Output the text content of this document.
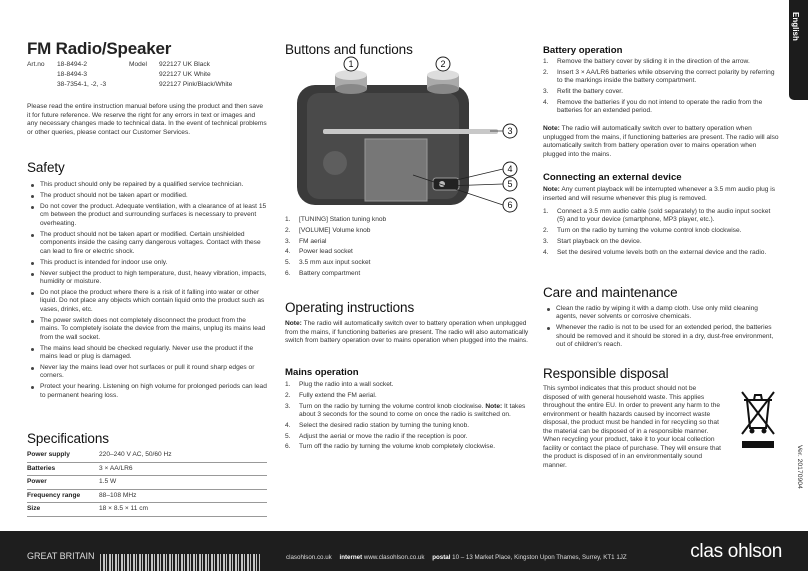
English
FM Radio/Speaker
Art.no	18-8494-2	Model	922127 UK Black
	18-8494-3		922127 UK White
	38-7354-1, -2, -3		922127 Pink/Black/White
Please read the entire instruction manual before using the product and then save it for future reference. We reserve the right for any errors in text or images and any necessary changes made to technical data. In the event of technical problems or other queries, please contact our Customer Services.
Safety
This product should only be repaired by a qualified service technician.
The product should not be taken apart or modified.
Do not cover the product. Adequate ventilation, with a clearance of at least 15 cm between the product and surrounding surfaces is necessary to prevent overheating.
The product should not be taken apart or modified. Certain unshielded components inside the casing carry dangerous voltages. Contact with these can lead to fire or electric shock.
This product is intended for indoor use only.
Never subject the product to high temperature, dust, heavy vibration, impacts, humidity or moisture.
Do not place the product where there is a risk of it falling into water or other liquid. Do not place any objects which contain liquid onto the product such as vases, drinks, etc.
The power switch does not completely disconnect the product from the mains. To completely isolate the device from the mains, unplug its mains lead from the wall socket.
The mains lead should be checked regularly. Never use the product if the mains lead or plug is damaged.
Never lay the mains lead over hot surfaces or pull it round sharp edges or corners.
Protect your hearing. Listening on high volume for prolonged periods can lead to permanent hearing loss.
Specifications
Power supply	220–240 V AC, 50/60 Hz
Batteries	3 × AA/LR6
Power	1.5 W
Frequency range	88–108 MHz
Size	18 × 8.5 × 11 cm
Buttons and functions
1	2
3
4
5
6
1. [TUNING] Station tuning knob
2. [VOLUME] Volume knob
3. FM aerial
4. Power lead socket
5. 3.5 mm aux input socket
6. Battery compartment
Operating instructions
Note: The radio will automatically switch over to battery operation when unplugged from the mains, if functioning batteries are present. The radio will also automatically switch from battery operation over to mains operation when plugged into the mains.
Mains operation
1. Plug the radio into a wall socket.
2. Fully extend the FM aerial.
3. Turn on the radio by turning the volume control knob clockwise. Note: It takes about 3 seconds for the sound to come on once the radio is switched on.
4. Select the desired radio station by turning the tuning knob.
5. Adjust the aerial or move the radio if the reception is poor.
6. Turn off the radio by turning the volume knob completely clockwise.
Battery operation
1. Remove the battery cover by sliding it in the direction of the arrow.
2. Insert 3 × AA/LR6 batteries while observing the correct polarity by referring to the markings inside the battery compartment.
3. Refit the battery cover.
4. Remove the batteries if you do not intend to operate the radio from the batteries for an extended period.
Note: The radio will automatically switch over to battery operation when unplugged from the mains, if functioning batteries are present. The radio will also automatically switch from battery operation over to mains operation when plugged into the mains.
Connecting an external device
Note: Any current playback will be interrupted whenever a 3.5 mm audio plug is inserted and will resume whenever this plug is removed.
1. Connect a 3.5 mm audio cable (sold separately) to the audio input socket (5) and to your device (smartphone, MP3 player, etc.).
2. Turn on the radio by turning the volume control knob clockwise.
3. Start playback on the device.
4. Set the desired volume levels both on the external device and the radio.
Care and maintenance
Clean the radio by wiping it with a damp cloth. Use only mild cleaning agents, never solvents or corrosive chemicals.
Whenever the radio is not to be used for an extended period, the batteries should be removed and it should be stored in a dry, dust-free environment, out of children's reach.
Responsible disposal
This symbol indicates that this product should not be disposed of with general household waste. This applies throughout the entire EU. In order to prevent any harm to the environment or health hazards caused by incorrect waste disposal, the product must be handed in for recycling so that the material can be disposed of in a responsible manner. When recycling your product, take it to your local collection facility or contact the place of purchase. They will ensure that the product is disposed of in an environmentally sound manner.	Ver. 20170904
GREAT BRITAIN	clasohlson.co.uk internet www.clasohlson.co.uk postal 10 – 13 Market Place, Kingston Upon Thames, Surrey, KT1 1JZ	clas ohlson
